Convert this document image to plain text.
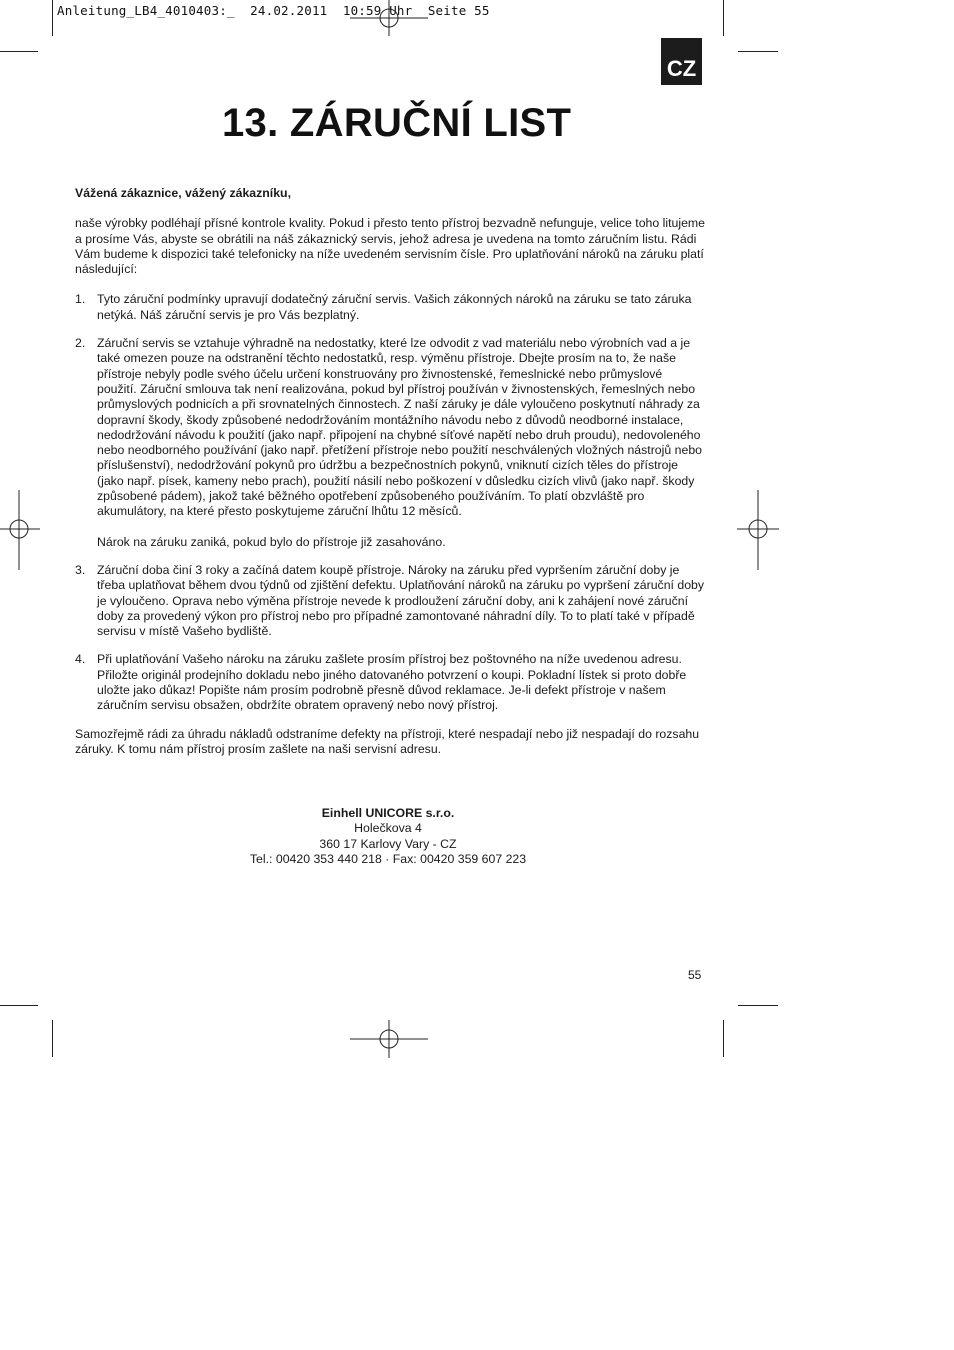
Anleitung_LB4_4010403:_  24.02.2011  10:59 Uhr  Seite 55
CZ
13. ZÁRUČNÍ LIST

Vážená zákaznice, vážený zákazníku,

naše výrobky podléhají přísné kontrole kvality. Pokud i přesto tento přístroj bezvadně nefunguje, velice toho litujeme a prosíme Vás, abyste se obrátili na náš zákaznický servis, jehož adresa je uvedena na tomto záručním listu. Rádi Vám budeme k dispozici také telefonicky na níže uvedeném servisním čísle. Pro uplatňování nároků na záruku platí následující:

1. Tyto záruční podmínky upravují dodatečný záruční servis. Vašich zákonných nároků na záruku se tato záruka netýká. Náš záruční servis je pro Vás bezplatný.

2. Záruční servis se vztahuje výhradně na nedostatky, které lze odvodit z vad materiálu nebo výrobních vad a je také omezen pouze na odstranění těchto nedostatků, resp. výměnu přístroje. Dbejte prosím na to, že naše přístroje nebyly podle svého účelu určení konstruovány pro živnostenské, řemeslnické nebo průmyslové použití. Záruční smlouva tak není realizována, pokud byl přístroj používán v živnostenských, řemeslných nebo průmyslových podnicích a při srovnatelných činnostech. Z naší záruky je dále vyloučeno poskytnutí náhrady za dopravní škody, škody způsobené nedodržováním montážního návodu nebo z důvodů neodborné instalace, nedodržování návodu k použití (jako např. připojení na chybné síťové napětí nebo druh proudu), nedovoleného nebo neodborného používání (jako např. přetížení přístroje nebo použití neschválených vložných nástrojů nebo příslušenství), nedodržování pokynů pro údržbu a bezpečnostních pokynů, vniknutí cizích těles do přístroje (jako např. písek, kameny nebo prach), použití násilí nebo poškození v důsledku cizích vlivů (jako např. škody způsobené pádem), jakož také běžného opotřebení způsobeného používáním. To platí obzvláště pro akumulátory, na které přesto poskytujeme záruční lhůtu 12 měsíců.

Nárok na záruku zaniká, pokud bylo do přístroje již zasahováno.

3. Záruční doba činí 3 roky a začíná datem koupě přístroje. Nároky na záruku před vypršením záruční doby je třeba uplatňovat během dvou týdnů od zjištění defektu. Uplatňování nároků na záruku po vypršení záruční doby je vyloučeno. Oprava nebo výměna přístroje nevede k prodloužení záruční doby, ani k zahájení nové záruční doby za provedený výkon pro přístroj nebo pro případné zamontované náhradní díly. To to platí také v případě servisu v místě Vašeho bydliště.

4. Při uplatňování Vašeho nároku na záruku zašlete prosím přístroj bez poštovného na níže uvedenou adresu. Přiložte originál prodejního dokladu nebo jiného datovaného potvrzení o koupi. Pokladní lístek si proto dobře uložte jako důkaz! Popište nám prosím podrobně přesně důvod reklamace. Je-li defekt přístroje v našem záručním servisu obsažen, obdržíte obratem opravený nebo nový přístroj.

Samozřejmě rádi za úhradu nákladů odstraníme defekty na přístroji, které nespadají nebo již nespadají do rozsahu záruky. K tomu nám přístroj prosím zašlete na naši servisní adresu.

Einhell UNICORE s.r.o.
Holečkova 4
360 17 Karlovy Vary - CZ
Tel.: 00420 353 440 218 · Fax: 00420 359 607 223
55
